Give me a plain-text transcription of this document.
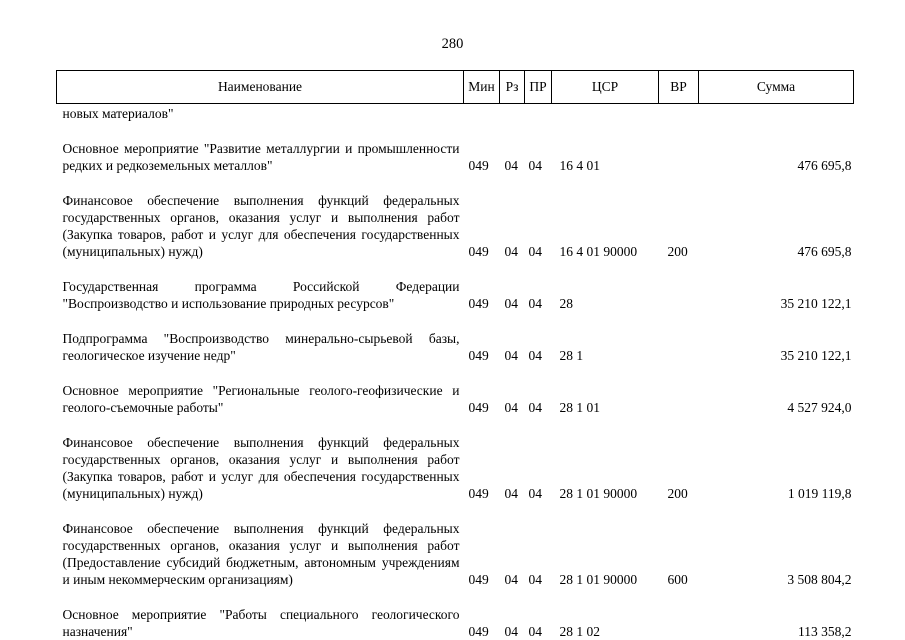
280
Наименование	Мин	Рз	ПР	ЦСР	ВР	Сумма
новых материалов"						
Основное мероприятие "Развитие металлургии и промышленности редких и редкоземельных металлов"	049	04	04	16 4 01		476 695,8
Финансовое обеспечение выполнения функций федеральных государственных органов, оказания услуг и выполнения работ (Закупка товаров, работ и услуг для обеспечения государственных (муниципальных) нужд)	049	04	04	16 4 01 90000	200	476 695,8
Государственная программа Российской Федерации "Воспроизводство и использование природных ресурсов"	049	04	04	28		35 210 122,1
Подпрограмма "Воспроизводство минерально-сырьевой базы, геологическое изучение недр"	049	04	04	28 1		35 210 122,1
Основное мероприятие "Региональные геолого-геофизические и геолого-съемочные работы"	049	04	04	28 1 01		4 527 924,0
Финансовое обеспечение выполнения функций федеральных государственных органов, оказания услуг и выполнения работ (Закупка товаров, работ и услуг для обеспечения государственных (муниципальных) нужд)	049	04	04	28 1 01 90000	200	1 019 119,8
Финансовое обеспечение выполнения функций федеральных государственных органов, оказания услуг и выполнения работ (Предоставление субсидий бюджетным, автономным учреждениям и иным некоммерческим организациям)	049	04	04	28 1 01 90000	600	3 508 804,2
Основное мероприятие "Работы специального геологического назначения"	049	04	04	28 1 02		113 358,2
